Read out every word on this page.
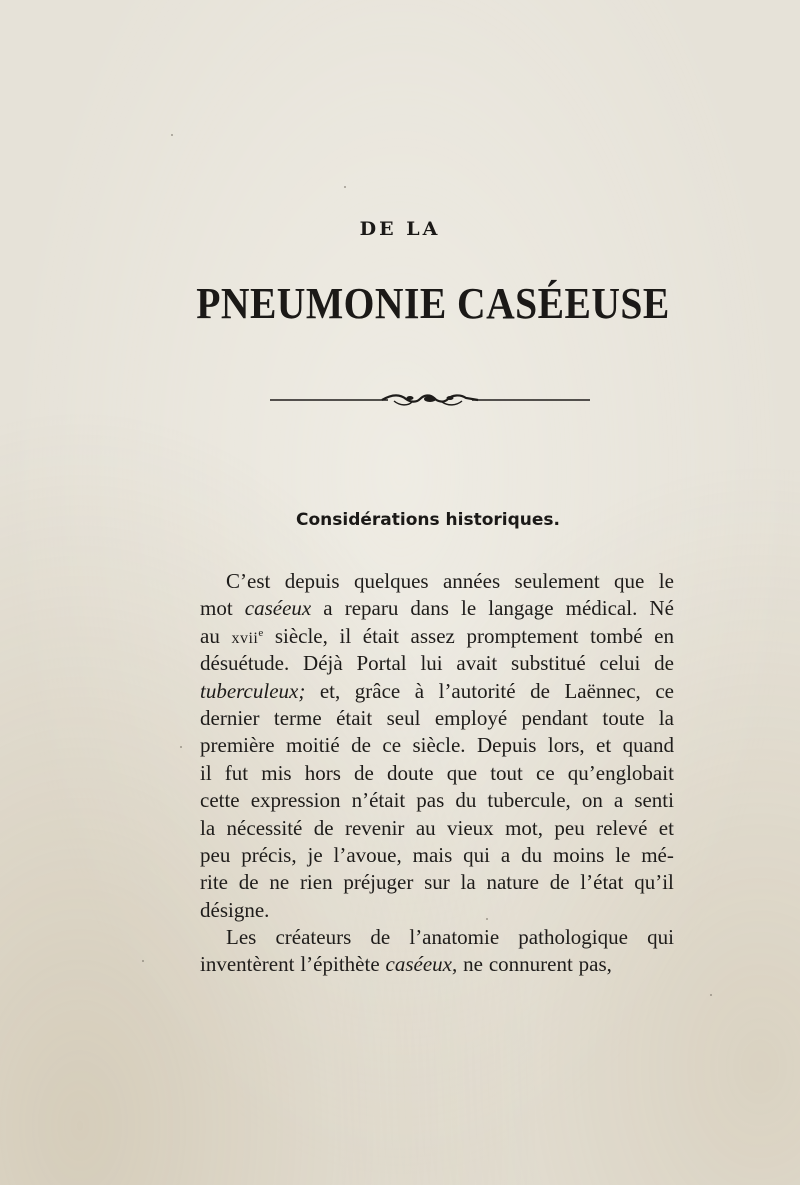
DE LA
PNEUMONIE CASÉEUSE
Considérations historiques.
C’est depuis quelques années seulement que le
mot caséeux a reparu dans le langage médical. Né
au xvii$^e$ siècle, il était assez promptement tombé en
désuétude. Déjà Portal lui avait substitué celui de
tuberculeux; et, grâce à l’autorité de Laënnec, ce
dernier terme était seul employé pendant toute la
première moitié de ce siècle. Depuis lors, et quand
il fut mis hors de doute que tout ce qu’englobait
cette expression n’était pas du tubercule, on a senti
la nécessité de revenir au vieux mot, peu relevé et
peu précis, je l’avoue, mais qui a du moins le mé-
rite de ne rien préjuger sur la nature de l’état qu’il
désigne.
Les créateurs de l’anatomie pathologique qui
inventèrent l’épithète caséeux, ne connurent pas,
